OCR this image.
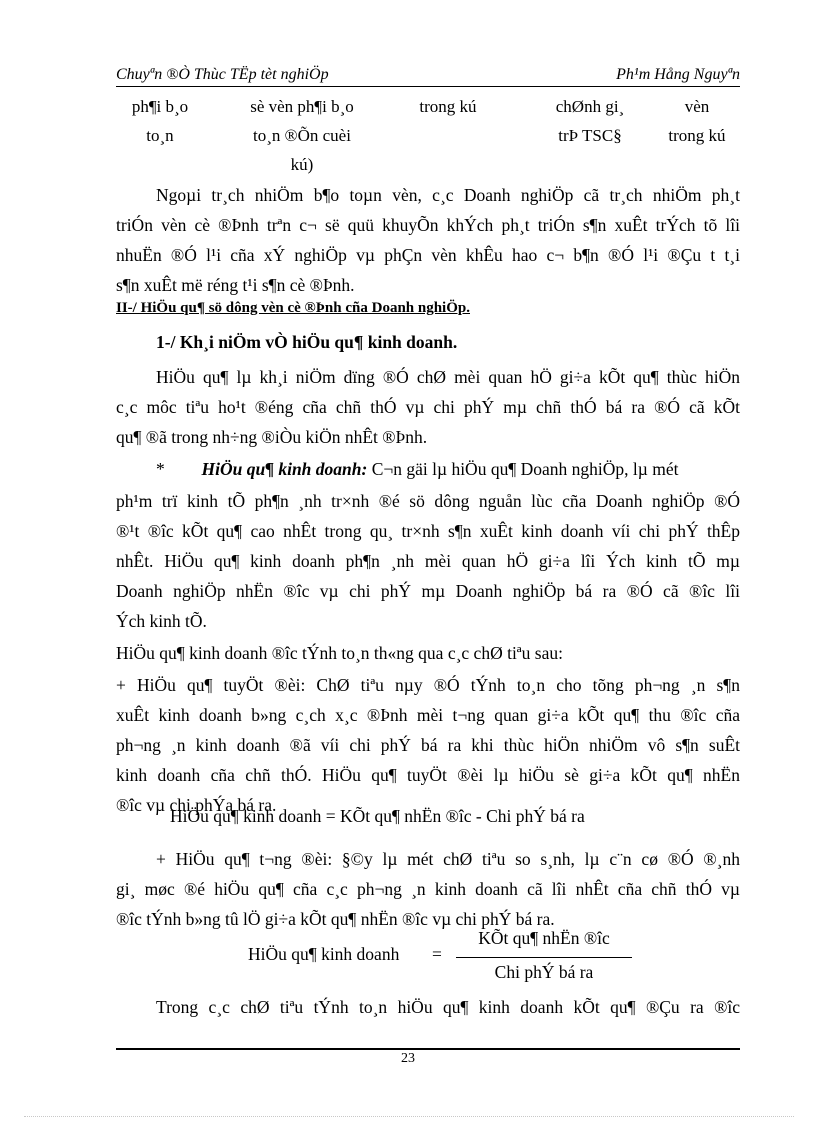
Chuyªn ®Ò Thùc TËp tèt nghiÖp	Ph¹m Hång Nguyªn
ph¶i b¸o	sè vèn ph¶i b¸o	trong kú	chØnh gi¸	vèn
to¸n	to¸n ®Õn cuèi	trÞ TSC§	trong kú
kú)
Ngoµi tr¸ch nhiÖm b¶o toµn vèn, c¸c Doanh nghiÖp cã tr¸ch nhiÖm ph¸t
triÓn vèn cè ®Þnh trªn c¬ së quü khuyÕn khÝch ph¸t triÓn s¶n xuÊt trÝch tõ lîi
nhuËn ®Ó l¹i cña xÝ nghiÖp vµ phÇn vèn khÊu hao c¬ b¶n ®Ó l¹i ®Çu t t¸i
s¶n xuÊt më réng t¹i s¶n cè ®Þnh.
II-/ HiÖu qu¶ sö dông vèn cè ®Þnh cña Doanh nghiÖp.
1-/ Kh¸i niÖm vÒ hiÖu qu¶ kinh doanh.
HiÖu qu¶ lµ kh¸i niÖm dïng ®Ó chØ mèi quan hÖ gi÷a kÕt qu¶ thùc hiÖn
c¸c môc tiªu ho¹t ®éng cña chñ thÓ vµ chi phÝ mµ chñ thÓ bá ra ®Ó cã kÕt
qu¶ ®ã trong nh÷ng ®iÒu kiÖn nhÊt ®Þnh.
* HiÖu qu¶ kinh doanh: C¬n gäi lµ hiÖu qu¶ Doanh nghiÖp, lµ mét
ph¹m trï kinh tÕ ph¶n ¸nh tr×nh ®é sö dông nguån lùc cña Doanh nghiÖp ®Ó
®¹t ®îc kÕt qu¶ cao nhÊt trong qu¸ tr×nh s¶n xuÊt kinh doanh víi chi phÝ thÊp
nhÊt. HiÖu qu¶ kinh doanh ph¶n ¸nh mèi quan hÖ gi÷a lîi Ých kinh tÕ mµ
Doanh nghiÖp nhËn ®îc vµ chi phÝ mµ Doanh nghiÖp bá ra ®Ó cã ®îc lîi
Ých kinh tÕ.
HiÖu qu¶ kinh doanh ®îc tÝnh to¸n th«ng qua c¸c chØ tiªu sau:
+ HiÖu qu¶ tuyÖt ®èi: ChØ tiªu nµy ®Ó tÝnh to¸n cho tõng ph¬ng ¸n s¶n
xuÊt kinh doanh b»ng c¸ch x¸c ®Þnh mèi t¬ng quan gi÷a kÕt qu¶ thu ®îc cña
ph¬ng ¸n kinh doanh ®ã víi chi phÝ bá ra khi thùc hiÖn nhiÖm vô s¶n suÊt
kinh doanh cña chñ thÓ. HiÖu qu¶ tuyÖt ®èi lµ hiÖu sè gi÷a kÕt qu¶ nhËn
®îc vµ chi phÝa bá ra.
HiÖu qu¶ kinh doanh = KÕt qu¶ nhËn ®îc - Chi phÝ bá ra
+ HiÖu qu¶ t¬ng ®èi: §©y lµ mét chØ tiªu so s¸nh, lµ c¨n cø ®Ó ®¸nh
gi¸ møc ®é hiÖu qu¶ cña c¸c ph¬ng ¸n kinh doanh cã lîi nhÊt cña chñ thÓ vµ
®îc tÝnh b»ng tû lÖ gi÷a kÕt qu¶ nhËn ®îc vµ chi phÝ bá ra.
HiÖu qu¶ kinh doanh =
KÕt qu¶ nhËn ®îc
Chi phÝ bá ra
Trong c¸c chØ tiªu tÝnh to¸n hiÖu qu¶ kinh doanh kÕt qu¶ ®Çu ra ®îc
23
